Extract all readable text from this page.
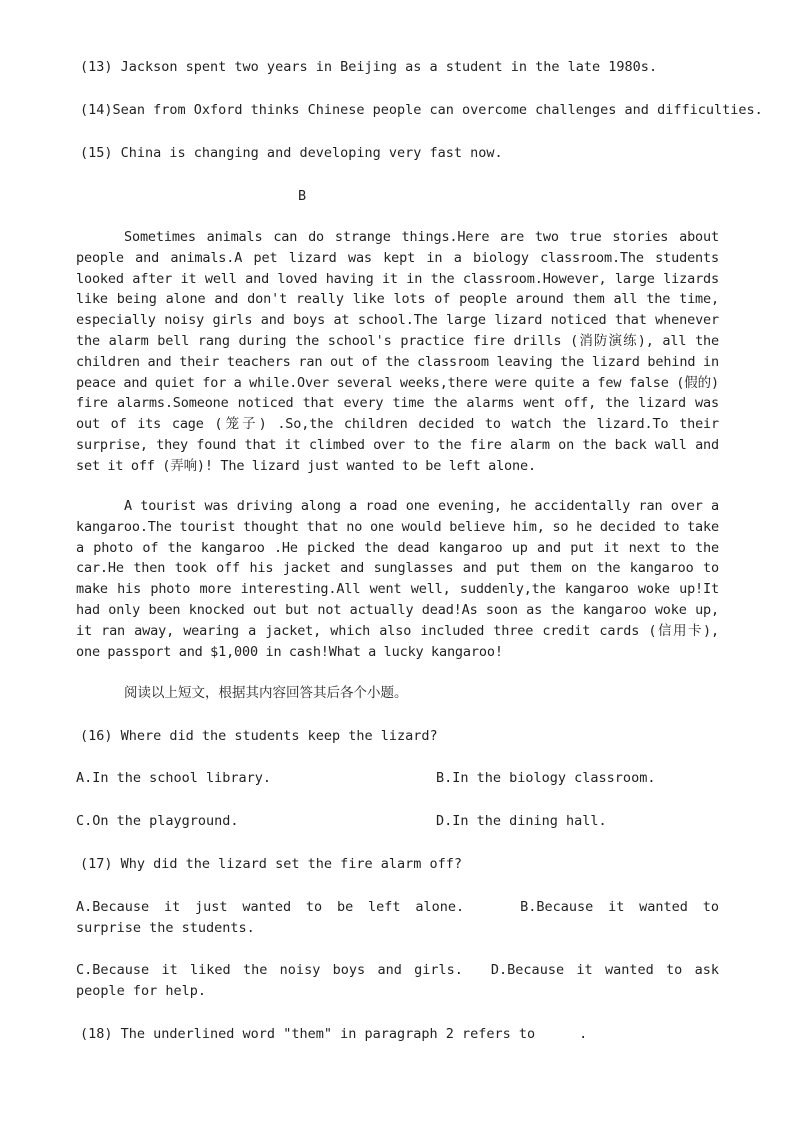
(13) Jackson spent two years in Beijing as a student in the late 1980s.
(14)Sean from Oxford thinks Chinese people can overcome challenges and difficulties.
(15) China is changing and developing very fast now.
B
Sometimes animals can do strange things.Here are two true stories about people and animals.A pet lizard was kept in a biology classroom.The students looked after it well and loved having it in the classroom.However, large lizards like being alone and don't really like lots of people around them all the time, especially noisy girls and boys at school.The large lizard noticed that whenever the alarm bell rang during the school's practice fire drills (消防演练), all the children and their teachers ran out of the classroom leaving the lizard behind in peace and quiet for a while.Over several weeks,there were quite a few false (假的) fire alarms.Someone noticed that every time the alarms went off, the lizard was out of its cage (笼子) .So,the children decided to watch the lizard.To their surprise, they found that it climbed over to the fire alarm on the back wall and set it off (弄响)! The lizard just wanted to be left alone.
A tourist was driving along a road one evening, he accidentally ran over a kangaroo.The tourist thought that no one would believe him, so he decided to take a photo of the kangaroo .He picked the dead kangaroo up and put it next to the car.He then took off his jacket and sunglasses and put them on the kangaroo to make his photo more interesting.All went well, suddenly,the kangaroo woke up!It had only been knocked out but not actually dead!As soon as the kangaroo woke up, it ran away, wearing a jacket, which also included three credit cards (信用卡), one passport and $1,000 in cash!What a lucky kangaroo!
阅读以上短文，根据其内容回答其后各个小题。
(16) Where did the students keep the lizard?
A.In the school library.	B.In the biology classroom.
C.On the playground.	D.In the dining hall.
(17) Why did the lizard set the fire alarm off?
A.Because it just wanted to be left alone.	B.Because it wanted to surprise the students.
C.Because it liked the noisy boys and girls. D.Because it wanted to ask people for help.
(18) The underlined word "them" in paragraph 2 refers to	.
